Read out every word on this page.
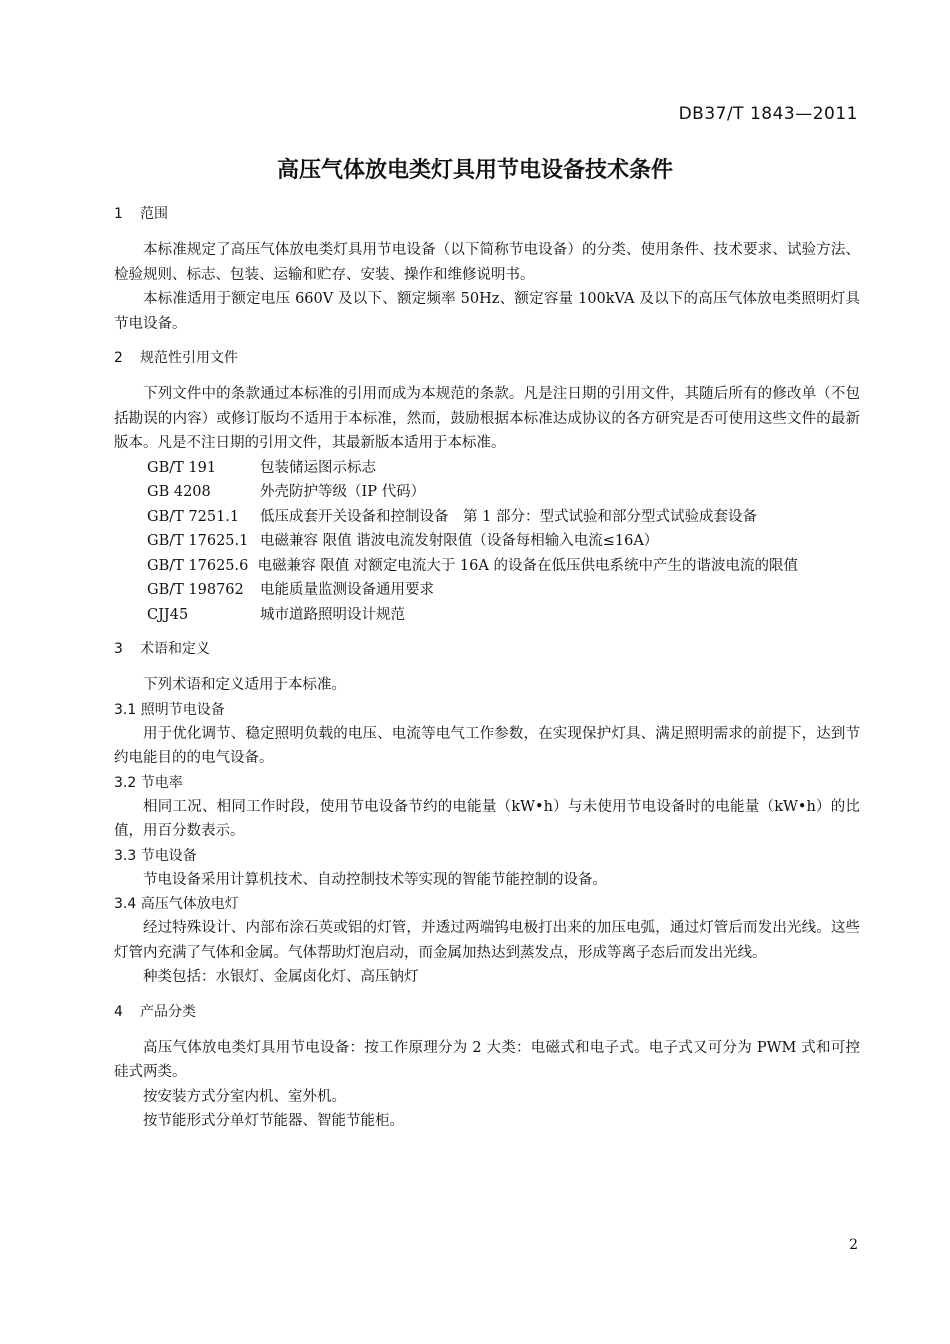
DB37/T 1843—2011
高压气体放电类灯具用节电设备技术条件
1 范围

本标准规定了高压气体放电类灯具用节电设备（以下简称节电设备）的分类、使用条件、技术要求、试验方法、检验规则、标志、包装、运输和贮存、安装、操作和维修说明书。

本标准适用于额定电压 660V 及以下、额定频率 50Hz、额定容量 100kVA 及以下的高压气体放电类照明灯具节电设备。

2 规范性引用文件

下列文件中的条款通过本标准的引用而成为本规范的条款。凡是注日期的引用文件，其随后所有的修改单（不包括勘误的内容）或修订版均不适用于本标准，然而，鼓励根据本标准达成协议的各方研究是否可使用这些文件的最新版本。凡是不注日期的引用文件，其最新版本适用于本标准。

GB/T 191	包装储运图示标志

GB 4208	外壳防护等级（IP 代码）

GB/T 7251.1 低压成套开关设备和控制设备　第 1 部分：型式试验和部分型式试验成套设备

GB/T 17625.1 电磁兼容 限值 谐波电流发射限值（设备每相输入电流≤16A）

GB/T 17625.6 电磁兼容 限值 对额定电流大于 16A 的设备在低压供电系统中产生的谐波电流的限值

GB/T 198762 电能质量监测设备通用要求

CJJ45	城市道路照明设计规范

3 术语和定义

下列术语和定义适用于本标准。

3.1 照明节电设备

用于优化调节、稳定照明负载的电压、电流等电气工作参数，在实现保护灯具、满足照明需求的前提下，达到节约电能目的的电气设备。

3.2 节电率

相同工况、相同工作时段，使用节电设备节约的电能量（kW•h）与未使用节电设备时的电能量（kW•h）的比值，用百分数表示。

3.3 节电设备

节电设备采用计算机技术、自动控制技术等实现的智能节能控制的设备。

3.4 高压气体放电灯

经过特殊设计、内部布涂石英或铝的灯管，并透过两端钨电极打出来的加压电弧，通过灯管后而发出光线。这些灯管内充满了气体和金属。气体帮助灯泡启动，而金属加热达到蒸发点，形成等离子态后而发出光线。

种类包括：水银灯、金属卤化灯、高压钠灯

4 产品分类

高压气体放电类灯具用节电设备：按工作原理分为 2 大类：电磁式和电子式。电子式又可分为 PWM 式和可控硅式两类。

按安装方式分室内机、室外机。

按节能形式分单灯节能器、智能节能柜。

2
